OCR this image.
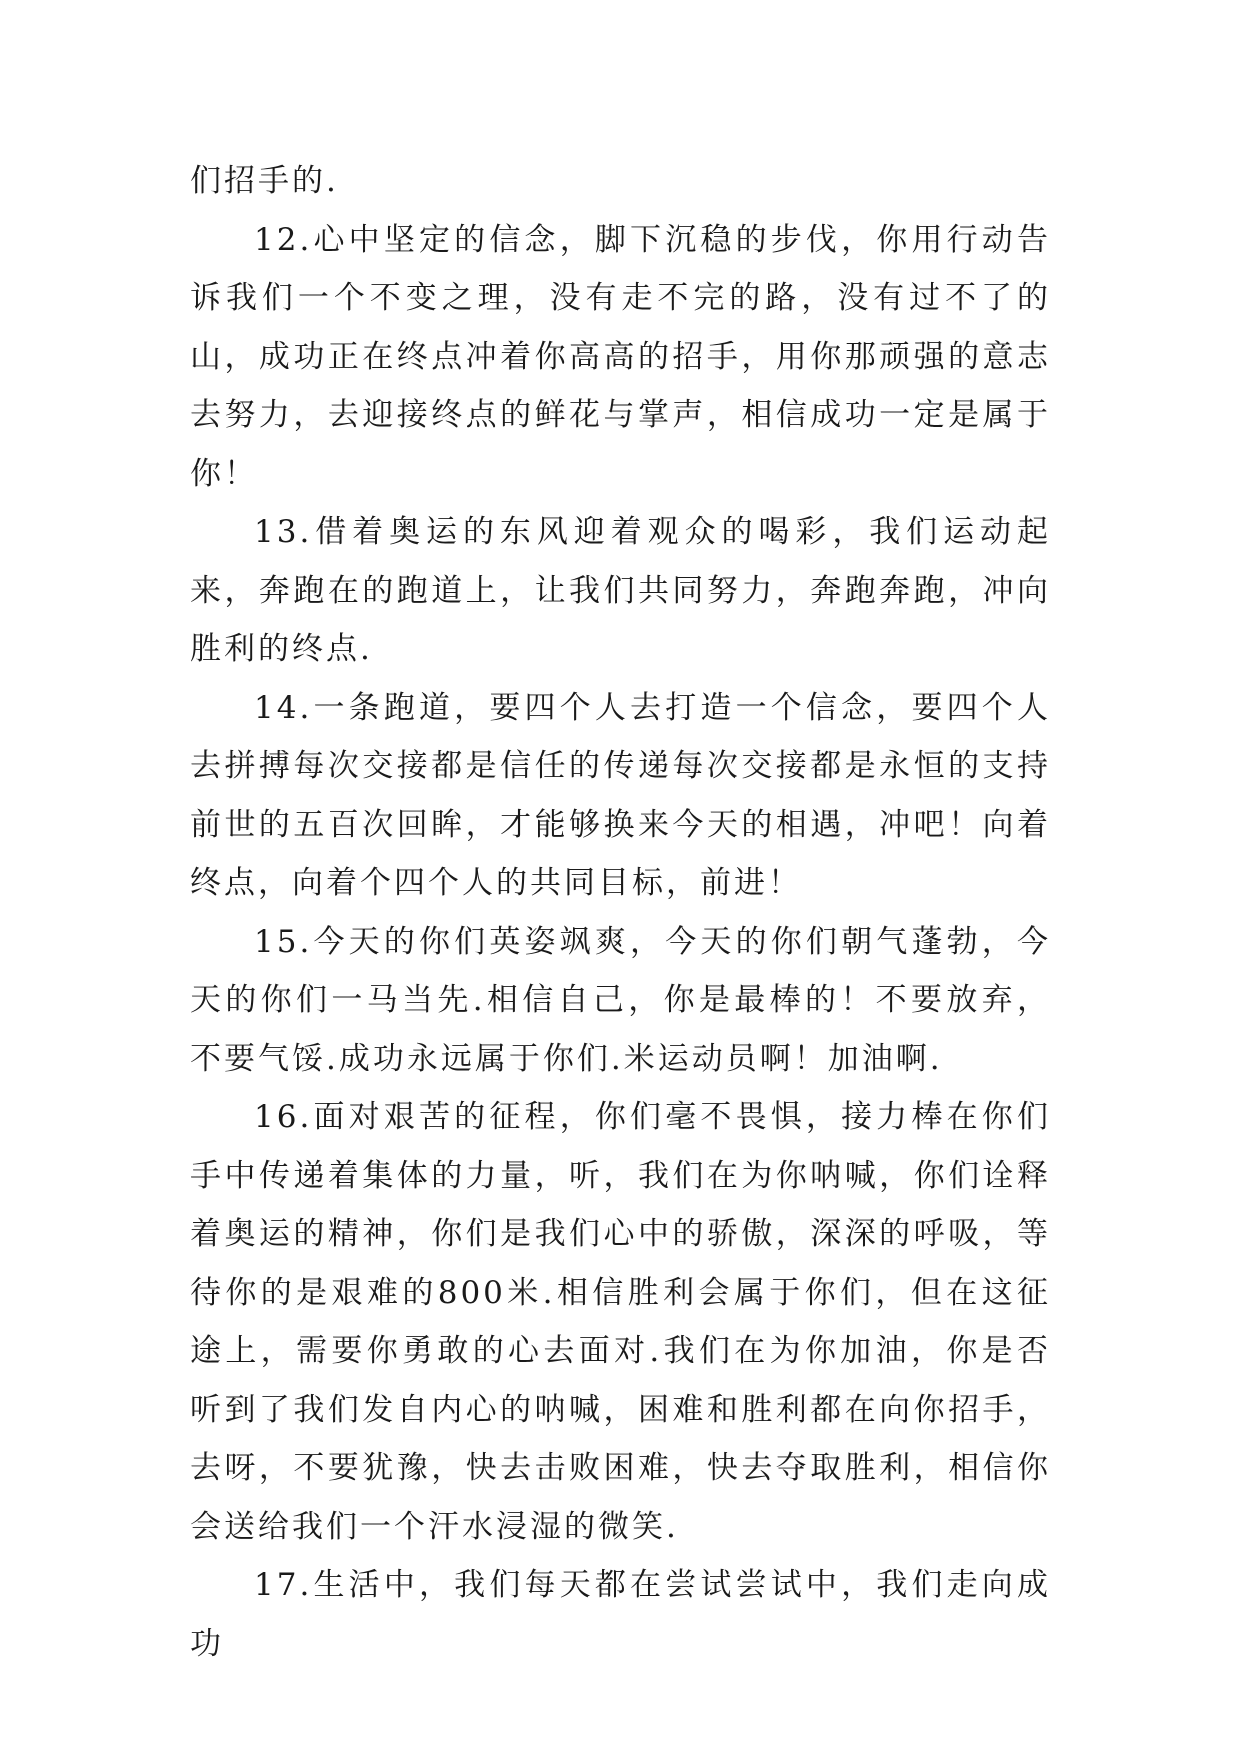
们招手的.

12.心中坚定的信念，脚下沉稳的步伐，你用行动告诉我们一个不变之理，没有走不完的路，没有过不了的山，成功正在终点冲着你高高的招手，用你那顽强的意志去努力，去迎接终点的鲜花与掌声，相信成功一定是属于你！

13.借着奥运的东风迎着观众的喝彩，我们运动起来，奔跑在的跑道上，让我们共同努力，奔跑奔跑，冲向胜利的终点.

14.一条跑道，要四个人去打造一个信念，要四个人去拼搏每次交接都是信任的传递每次交接都是永恒的支持前世的五百次回眸，才能够换来今天的相遇，冲吧！向着终点，向着个四个人的共同目标，前进！

15.今天的你们英姿飒爽，今天的你们朝气蓬勃，今天的你们一马当先.相信自己，你是最棒的！不要放弃，不要气馁.成功永远属于你们.米运动员啊！加油啊.

16.面对艰苦的征程，你们毫不畏惧，接力棒在你们手中传递着集体的力量，听，我们在为你呐喊，你们诠释着奥运的精神，你们是我们心中的骄傲，深深的呼吸，等待你的是艰难的800米.相信胜利会属于你们，但在这征途上，需要你勇敢的心去面对.我们在为你加油，你是否听到了我们发自内心的呐喊，困难和胜利都在向你招手，去呀，不要犹豫，快去击败困难，快去夺取胜利，相信你会送给我们一个汗水浸湿的微笑.

17.生活中，我们每天都在尝试尝试中，我们走向成功
